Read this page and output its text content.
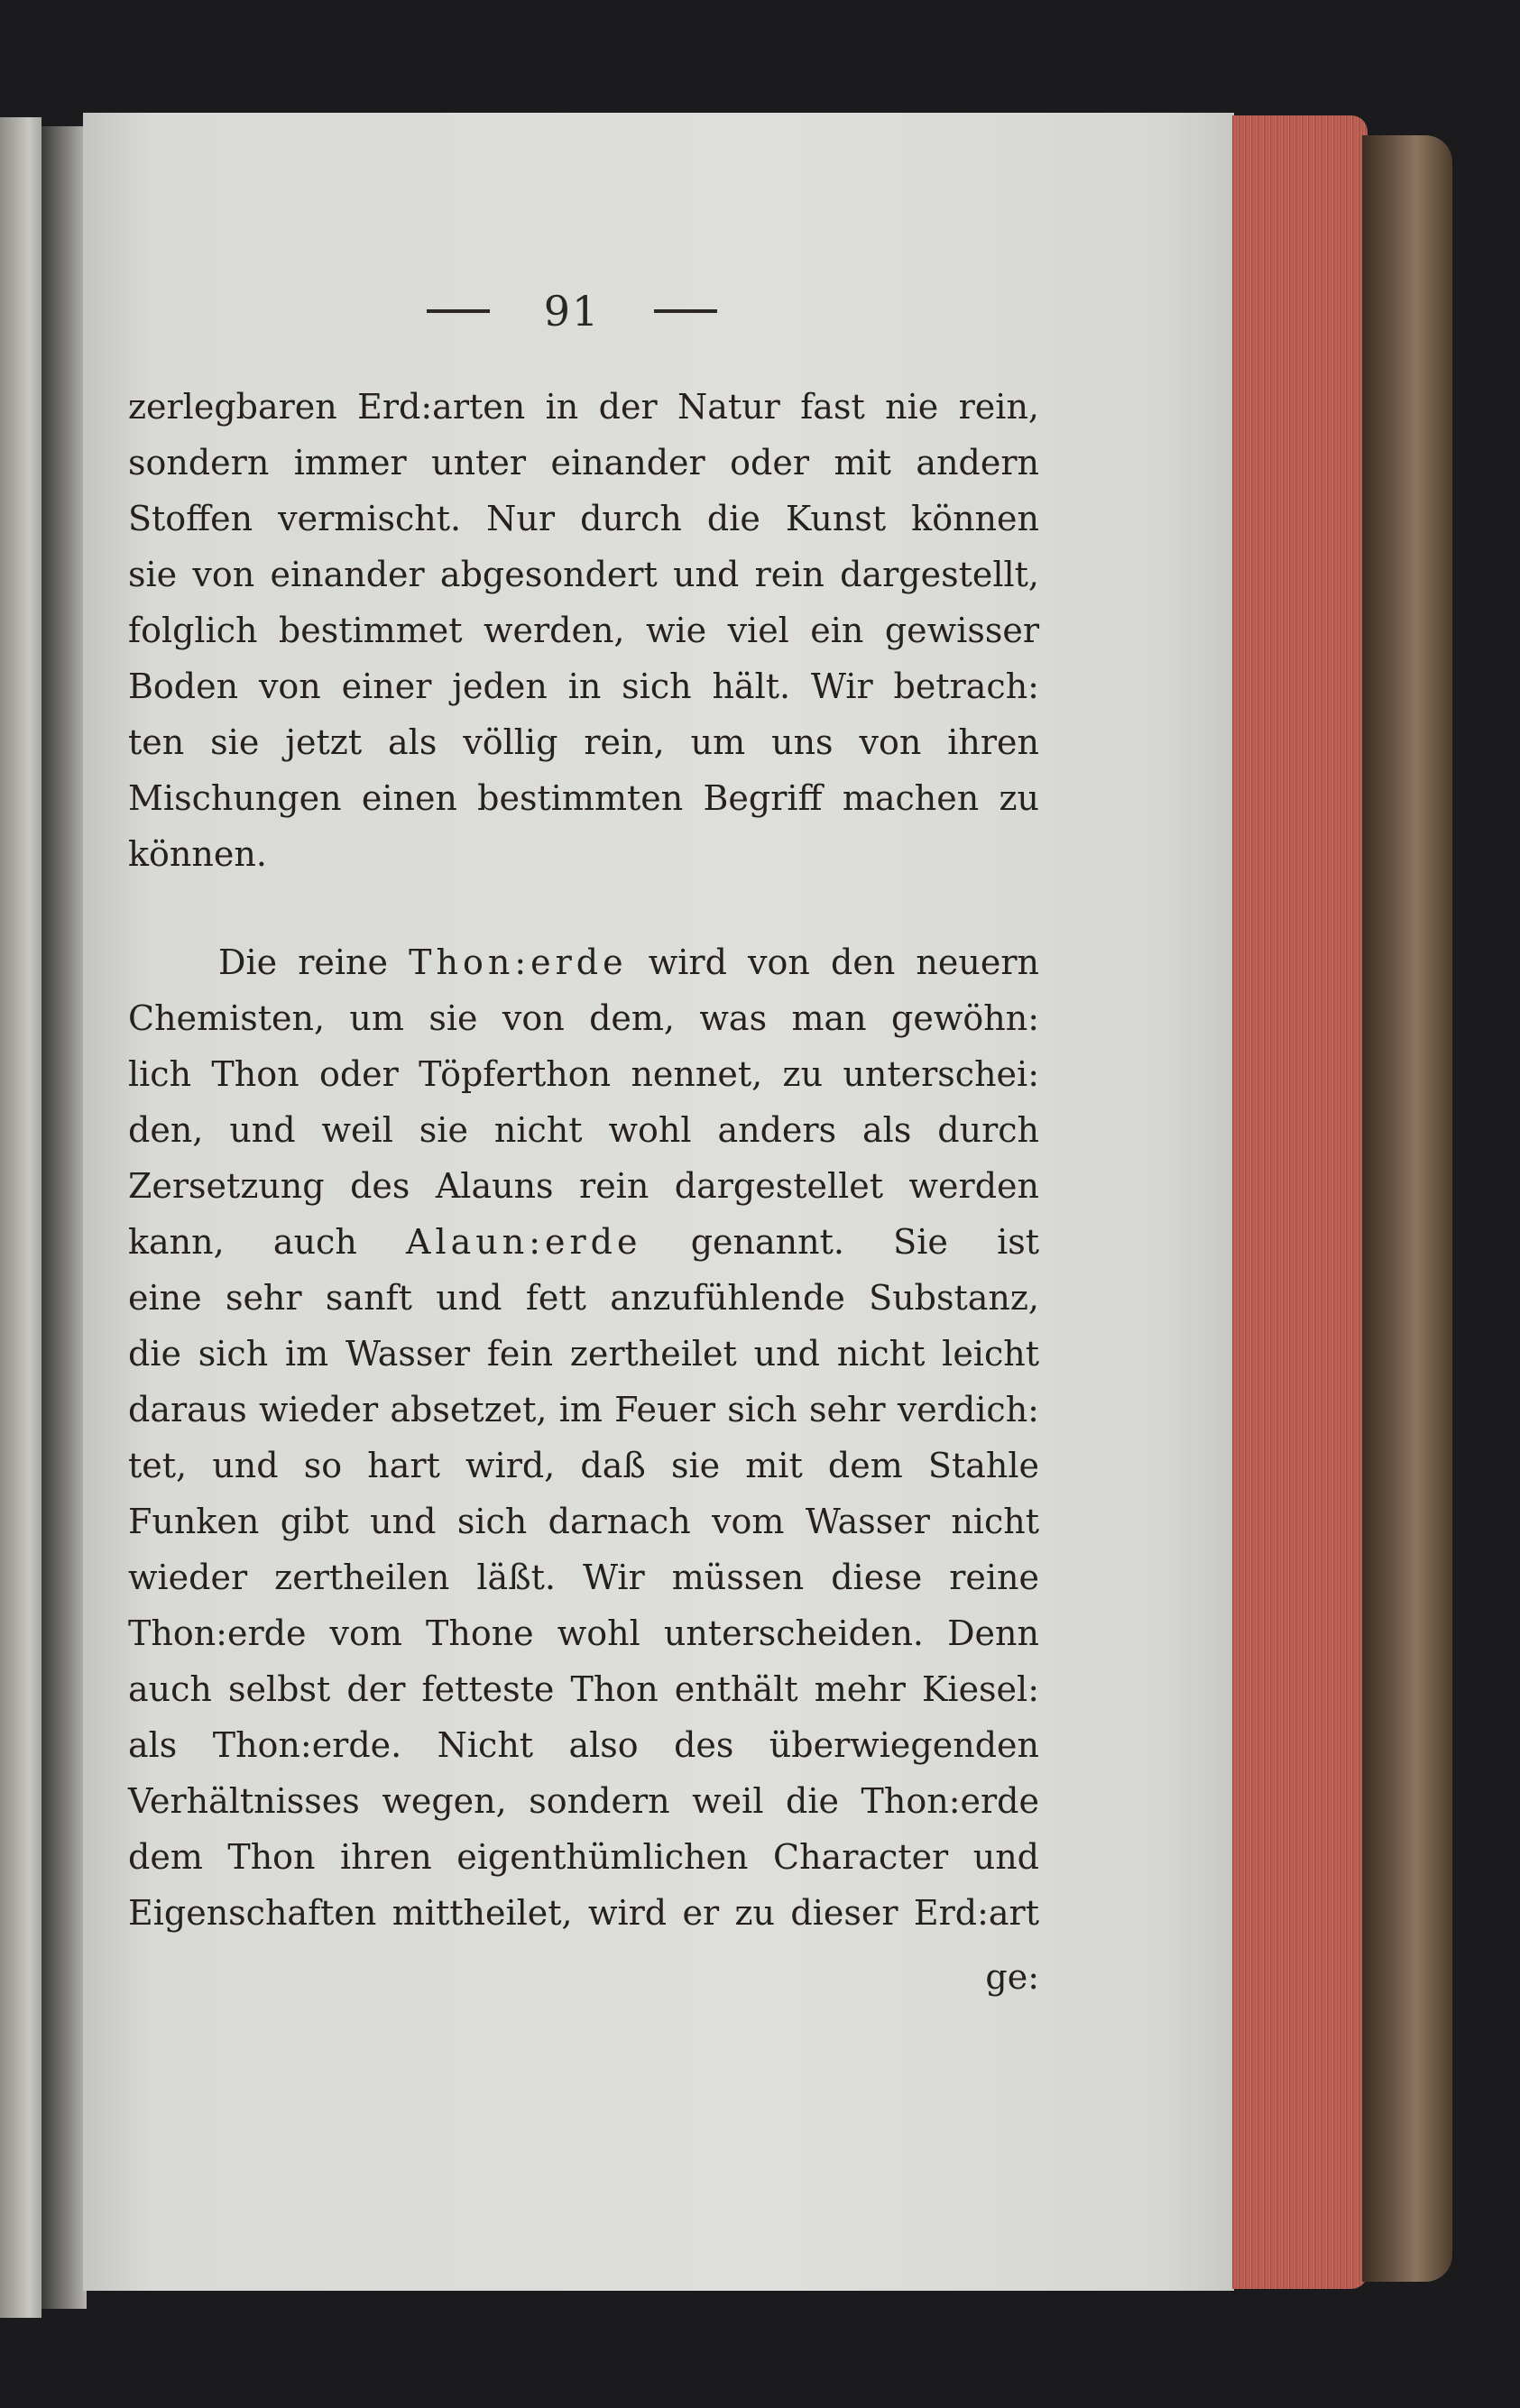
91
zerlegbaren Erd:arten in der Natur fast nie rein,
sondern immer unter einander oder mit andern
Stoffen vermischt. Nur durch die Kunst können
sie von einander abgesondert und rein dargestellt,
folglich bestimmet werden, wie viel ein gewisser
Boden von einer jeden in sich hält. Wir betrach:
ten sie jetzt als völlig rein, um uns von ihren
Mischungen einen bestimmten Begriff machen zu
können.
Die reine Thon:erde wird von den neuern
Chemisten, um sie von dem, was man gewöhn:
lich Thon oder Töpferthon nennet, zu unterschei:
den, und weil sie nicht wohl anders als durch
Zersetzung des Alauns rein dargestellet werden
kann, auch Alaun:erde genannt. Sie ist
eine sehr sanft und fett anzufühlende Substanz,
die sich im Wasser fein zertheilet und nicht leicht
daraus wieder absetzet, im Feuer sich sehr verdich:
tet, und so hart wird, daß sie mit dem Stahle
Funken gibt und sich darnach vom Wasser nicht
wieder zertheilen läßt. Wir müssen diese reine
Thon:erde vom Thone wohl unterscheiden. Denn
auch selbst der fetteste Thon enthält mehr Kiesel:
als Thon:erde. Nicht also des überwiegenden
Verhältnisses wegen, sondern weil die Thon:erde
dem Thon ihren eigenthümlichen Character und
Eigenschaften mittheilet, wird er zu dieser Erd:art
ge:
